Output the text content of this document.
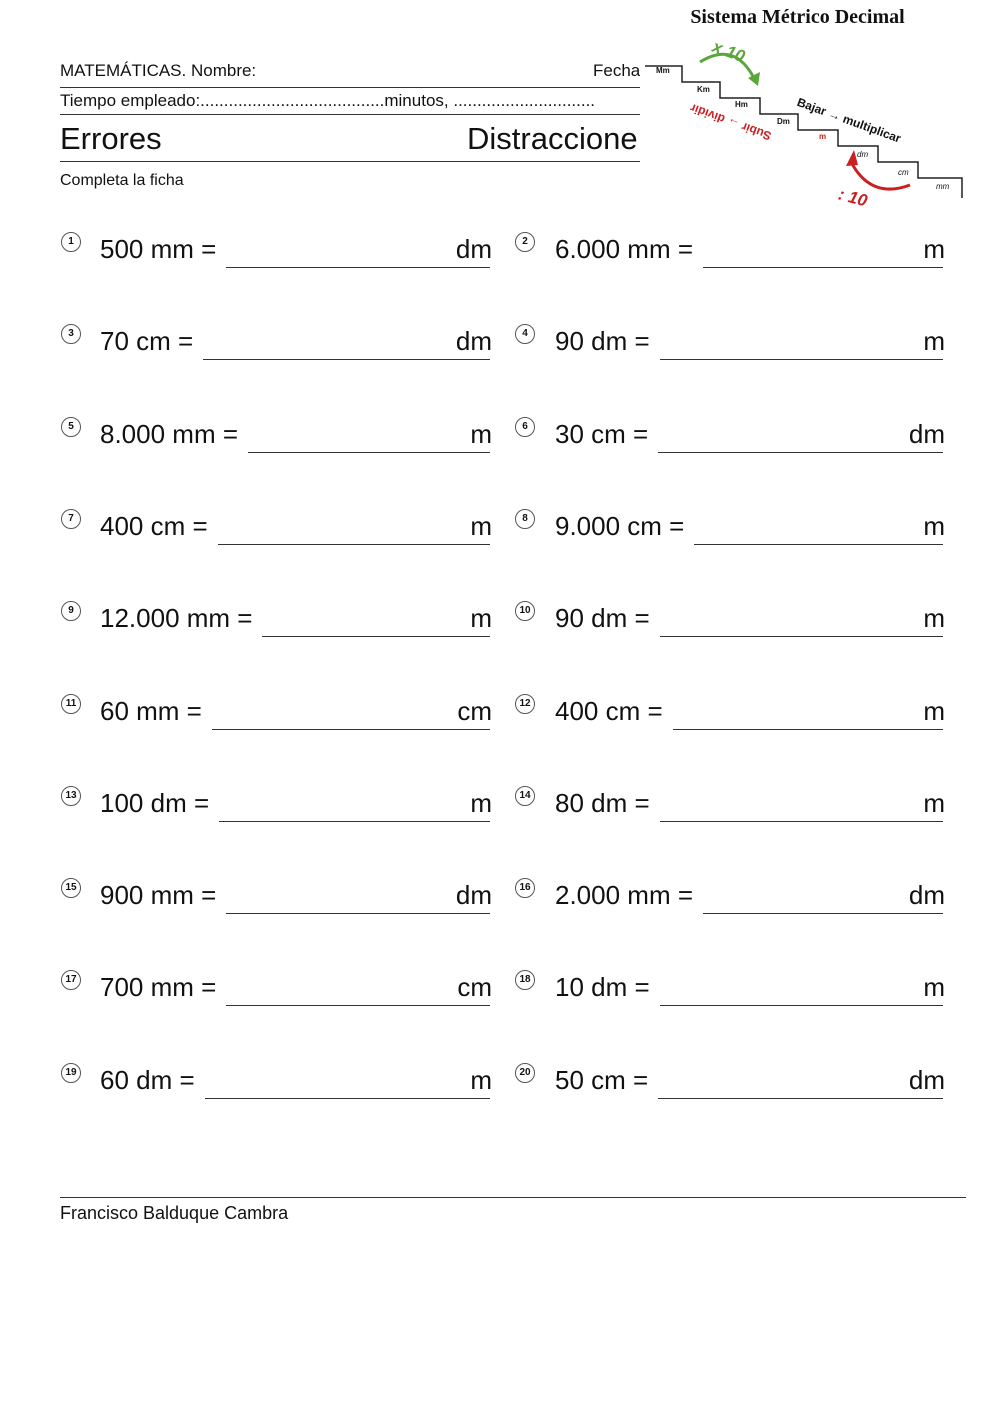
MATEMÁTICAS. Nombre:	Fecha
Tiempo empleado:.......................................minutos, ..............................
Errores	Distraccione
Completa la ficha
Sistema Métrico Decimal
x 10
: 10
Mm
Km
Hm
Dm
m
dm
cm
mm
Bajar → multiplicar
Subir → dividir
1 500 mm =	dm	2 6.000 mm =	m
3 70 cm =	dm	4 90 dm =	m
5 8.000 mm =	m	6 30 cm =	dm
7 400 cm =	m	8 9.000 cm =	m
9 12.000 mm =	m	10 90 dm =	m
11 60 mm =	cm	12 400 cm =	m
13 100 dm =	m	14 80 dm =	m
15 900 mm =	dm	16 2.000 mm =	dm
17 700 mm =	cm	18 10 dm =	m
19 60 dm =	m	20 50 cm =	dm
Francisco Balduque Cambra
